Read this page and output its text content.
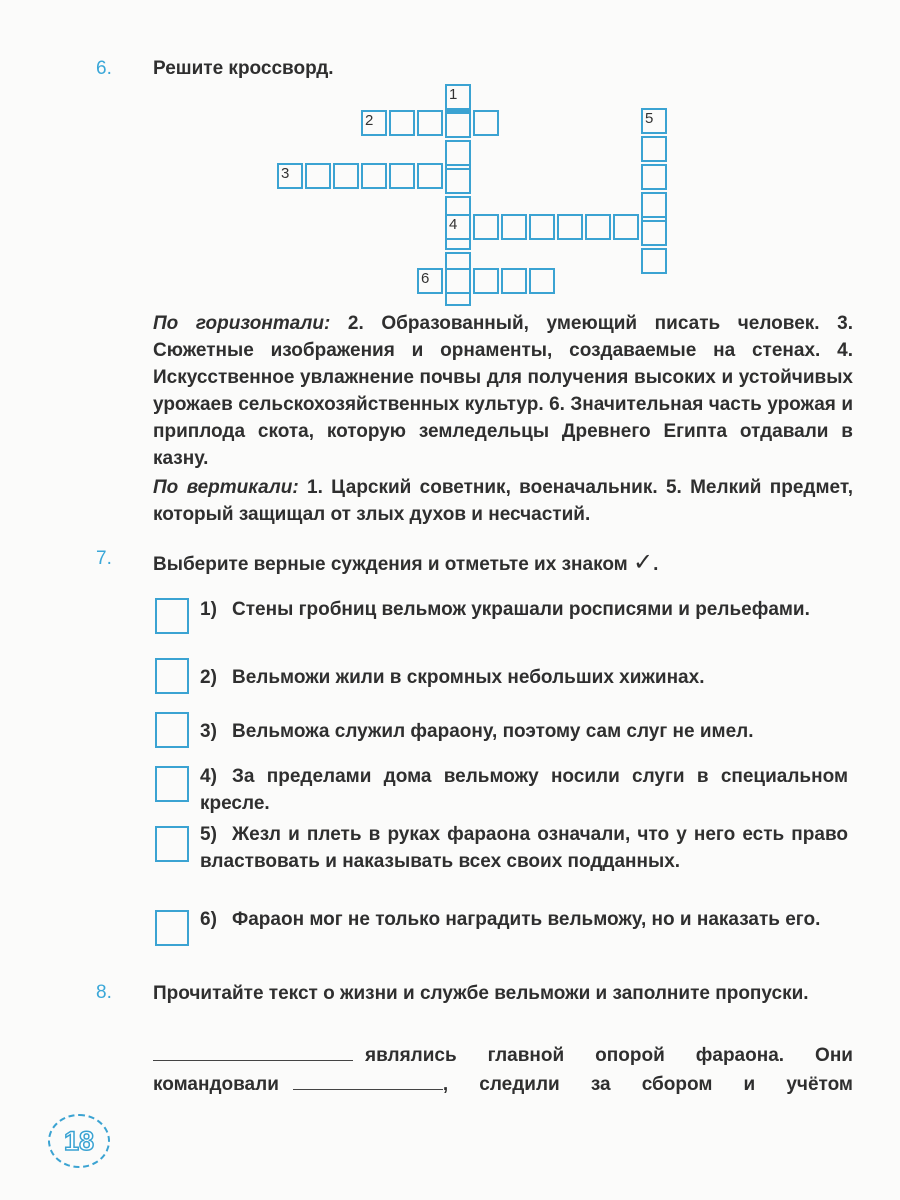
6. Решите кроссворд.
2
3
1
4
5
6
По горизонтали: 2. Образованный, умеющий писать человек. 3. Сюжетные изображения и орнаменты, создаваемые на стенах. 4. Искусственное увлажнение почвы для получения высоких и устойчивых урожаев сельскохозяйственных культур. 6. Значительная часть урожая и приплода скота, которую земледельцы Древнего Египта отдавали в казну.
По вертикали: 1. Царский советник, военачальник. 5. Мелкий предмет, который защищал от злых духов и несчастий.
7. Выберите верные суждения и отметьте их знаком ✓.
1) Стены гробниц вельмож украшали росписями и рельефами.
2) Вельможи жили в скромных небольших хижинах.
3) Вельможа служил фараону, поэтому сам слуг не имел.
4) За пределами дома вельможу носили слуги в специальном кресле.
5) Жезл и плеть в руках фараона означали, что у него есть право властвовать и наказывать всех своих подданных.
6) Фараон мог не только наградить вельможу, но и наказать его.
8. Прочитайте текст о жизни и службе вельможи и заполните пропуски.
являлись главной опорой фараона. Они
командовали	, следили за сбором и учётом
18
